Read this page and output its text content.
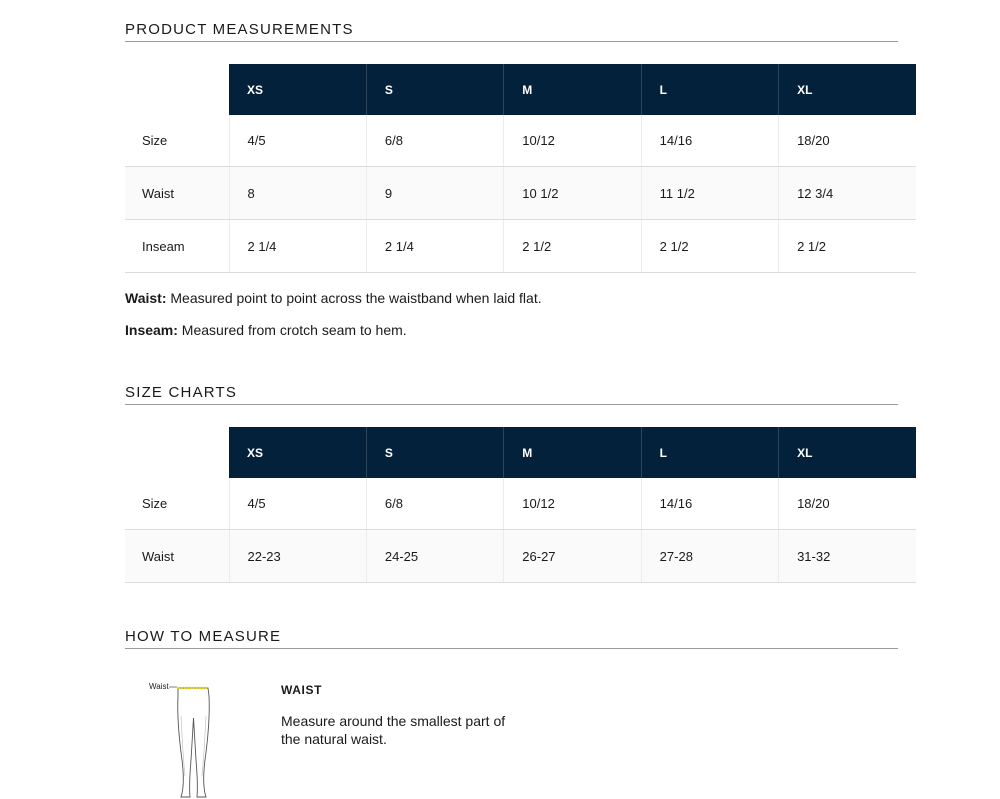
PRODUCT MEASUREMENTS
	XS	S	M	L	XL
Size	4/5	6/8	10/12	14/16	18/20
Waist	8	9	10 1/2	11 1/2	12 3/4
Inseam	2 1/4	2 1/4	2 1/2	2 1/2	2 1/2

Waist: Measured point to point across the waistband when laid flat.

Inseam: Measured from crotch seam to hem.

SIZE CHARTS
	XS	S	M	L	XL
Size	4/5	6/8	10/12	14/16	18/20
Waist	22-23	24-25	26-27	27-28	31-32
HOW TO MEASURE
Waist	WAIST

Measure around the smallest part of the natural waist.
